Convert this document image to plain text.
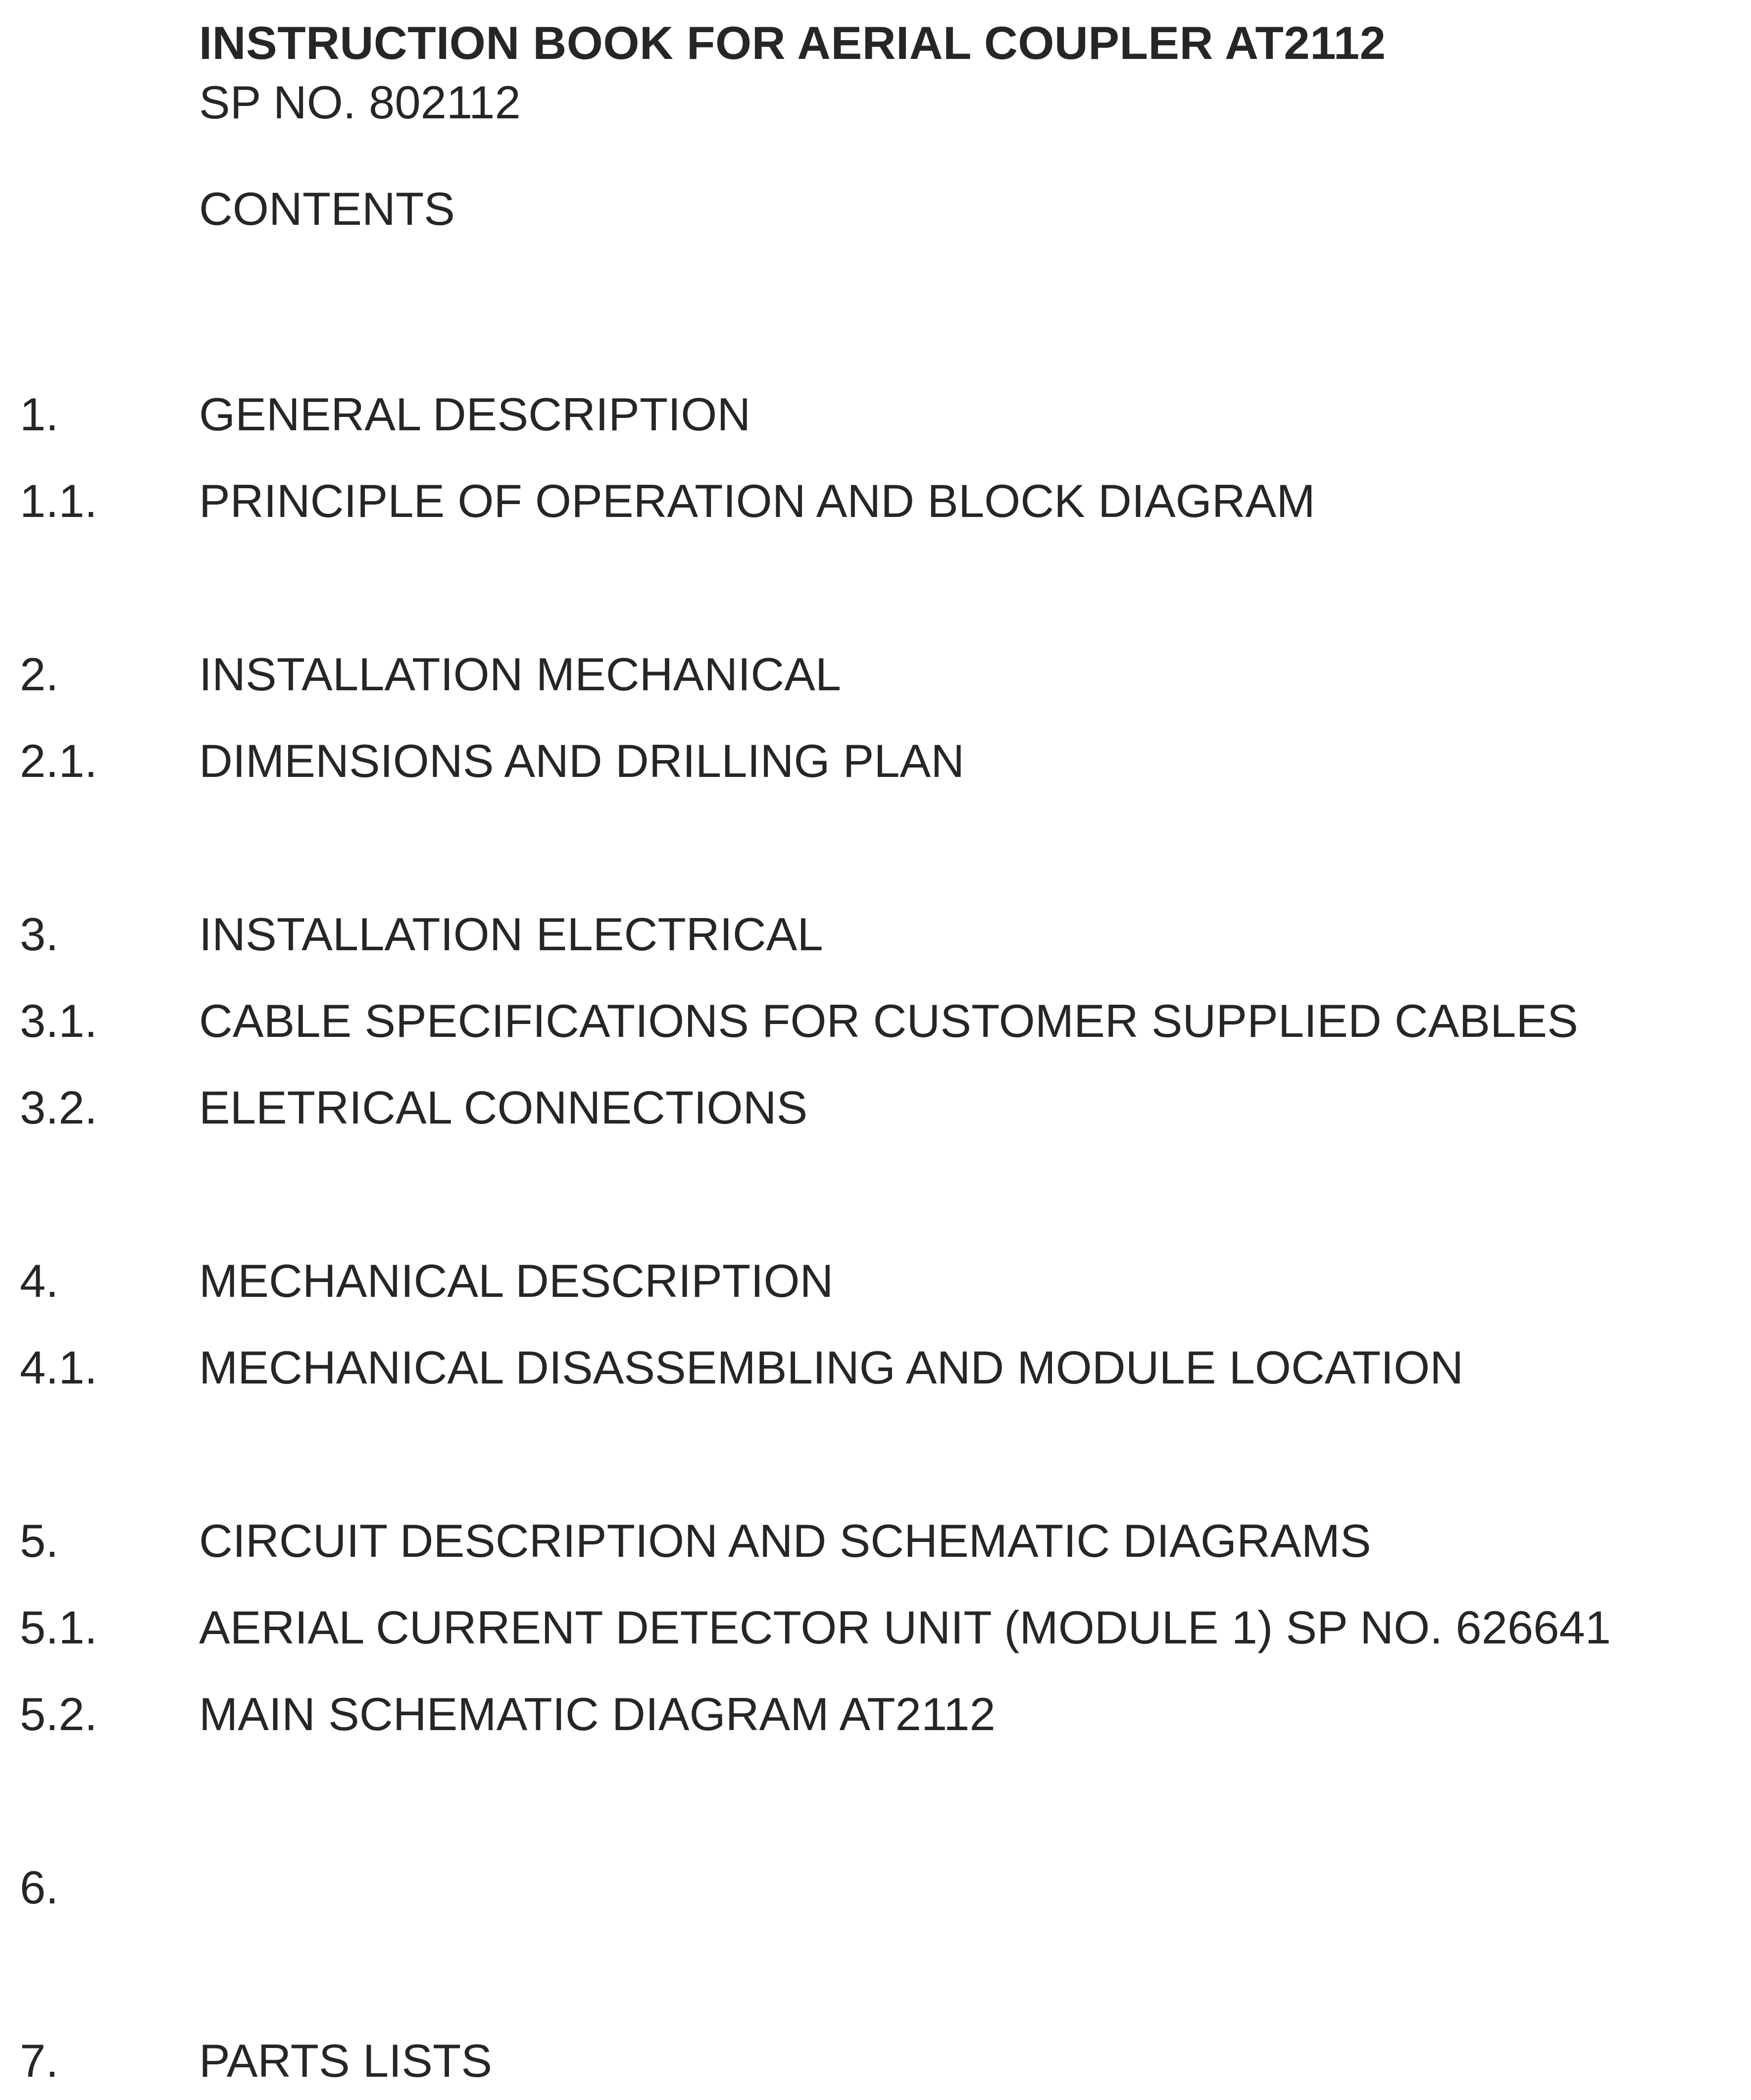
INSTRUCTION BOOK FOR AERIAL COUPLER AT2112
SP NO. 802112
CONTENTS
1.	GENERAL DESCRIPTION
1.1. PRINCIPLE OF OPERATION AND BLOCK DIAGRAM
2.	INSTALLATION MECHANICAL
2.1. DIMENSIONS AND DRILLING PLAN
3.	INSTALLATION ELECTRICAL
3.1. CABLE SPECIFICATIONS FOR CUSTOMER SUPPLIED CABLES
3.2. ELETRICAL CONNECTIONS
4.	MECHANICAL DESCRIPTION
4.1. MECHANICAL DISASSEMBLING AND MODULE LOCATION
5.	CIRCUIT DESCRIPTION AND SCHEMATIC DIAGRAMS
5.1. AERIAL CURRENT DETECTOR UNIT (MODULE 1) SP NO. 626641
5.2. MAIN SCHEMATIC DIAGRAM AT2112
6.
7.	PARTS LISTS
